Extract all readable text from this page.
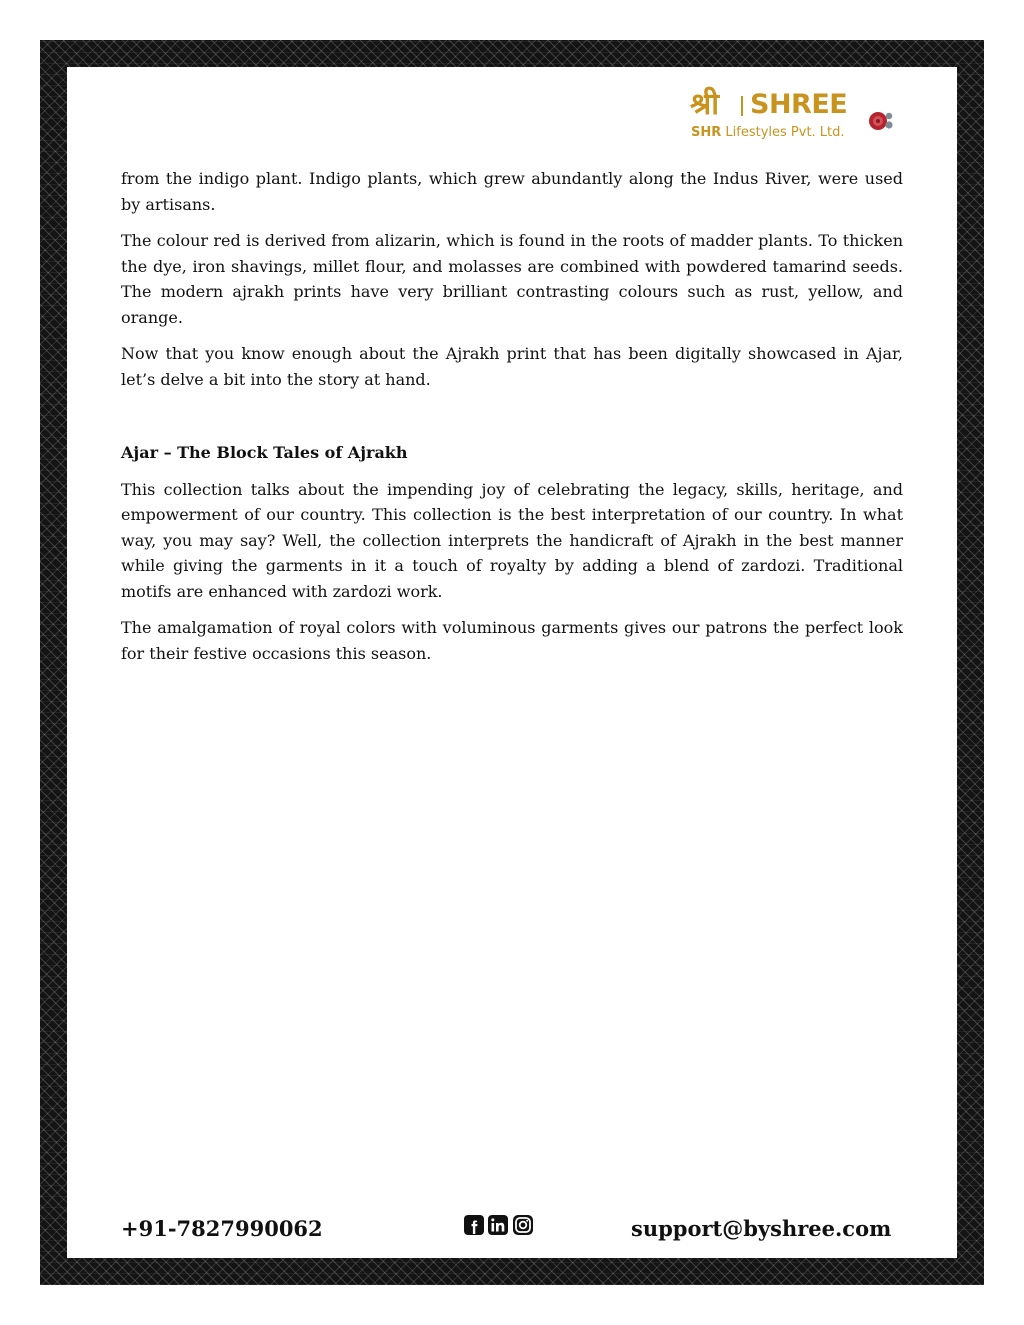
श्री SHREE
SHR Lifestyles Pvt. Ltd.

from the indigo plant. Indigo plants, which grew abundantly along the Indus River, were used by artisans.

The colour red is derived from alizarin, which is found in the roots of madder plants. To thicken the dye, iron shavings, millet flour, and molasses are combined with powdered tamarind seeds. The modern ajrakh prints have very brilliant contrasting colours such as rust, yellow, and orange.

Now that you know enough about the Ajrakh print that has been digitally showcased in Ajar, let’s delve a bit into the story at hand.

Ajar – The Block Tales of Ajrakh

This collection talks about the impending joy of celebrating the legacy, skills, heritage, and empowerment of our country. This collection is the best interpretation of our country. In what way, you may say? Well, the collection interprets the handicraft of Ajrakh in the best manner while giving the garments in it a touch of royalty by adding a blend of zardozi. Traditional motifs are enhanced with zardozi work.

The amalgamation of royal colors with voluminous garments gives our patrons the perfect look for their festive occasions this season.

+91-7827990062	support@byshree.com
